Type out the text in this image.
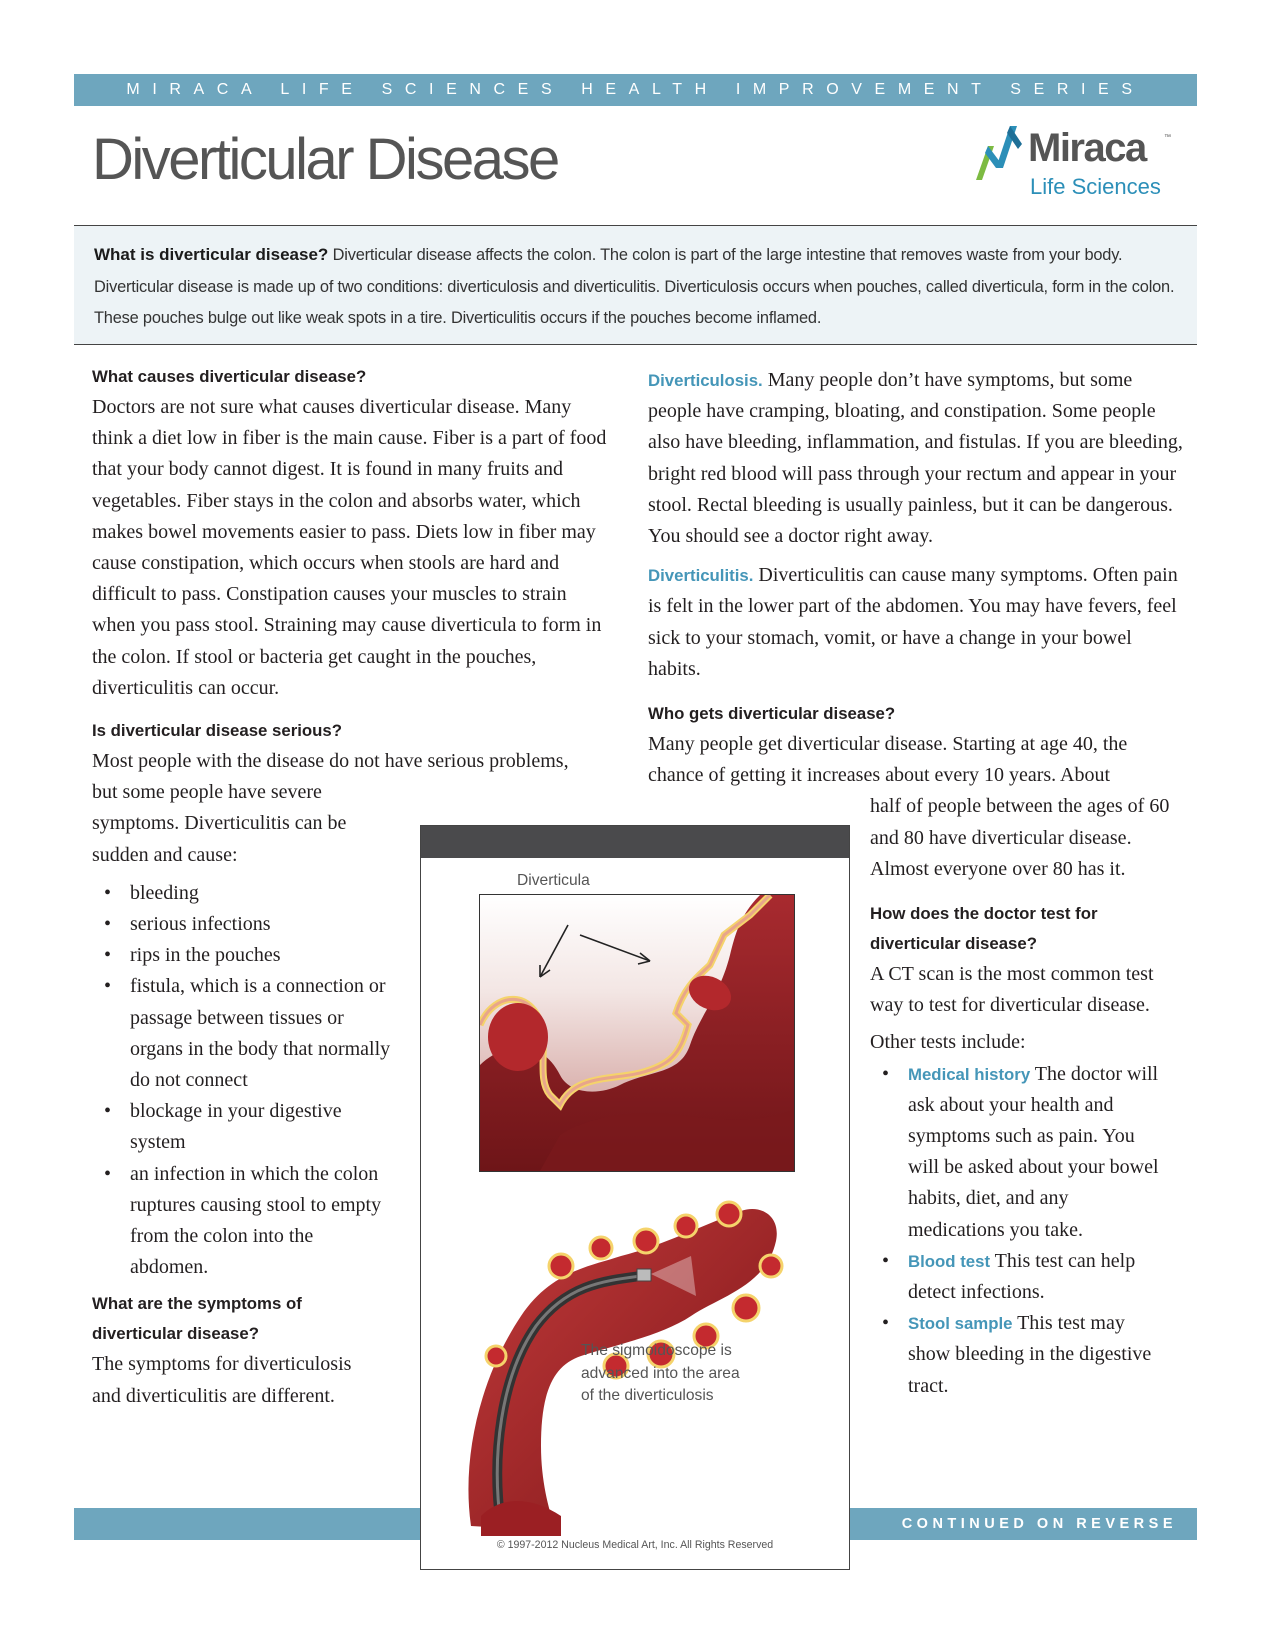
MIRACA LIFE SCIENCES HEALTH IMPROVEMENT SERIES
Diverticular Disease	Miraca	™
Life Sciences
What is diverticular disease? Diverticular disease affects the colon. The colon is part of the large intestine that removes waste from your body. Diverticular disease is made up of two conditions: diverticulosis and diverticulitis. Diverticulosis occurs when pouches, called diverticula, form in the colon. These pouches bulge out like weak spots in a tire. Diverticulitis occurs if the pouches become inflamed.
What causes diverticular disease?
Doctors are not sure what causes diverticular disease. Many think a diet low in fiber is the main cause. Fiber is a part of food that your body cannot digest. It is found in many fruits and vegetables. Fiber stays in the colon and absorbs water, which makes bowel movements easier to pass. Diets low in fiber may cause constipation, which occurs when stools are hard and difficult to pass. Constipation causes your muscles to strain when you pass stool. Straining may cause diverticula to form in the colon. If stool or bacteria get caught in the pouches, diverticulitis can occur.
Is diverticular disease serious?
Most people with the disease do not have serious problems,
but some people have severe symptoms. Diverticulitis can be sudden and cause:
• bleeding
• serious infections
• rips in the pouches
• fistula, which is a connection or passage between tissues or organs in the body that normally do not connect
• blockage in your digestive system
• an infection in which the colon ruptures causing stool to empty from the colon into the abdomen.
What are the symptoms of
diverticular disease?
The symptoms for diverticulosis and diverticulitis are different.
Diverticulosis. Many people don’t have symptoms, but some people have cramping, bloating, and constipation. Some people also have bleeding, inflammation, and fistulas. If you are bleeding, bright red blood will pass through your rectum and appear in your stool. Rectal bleeding is usually painless, but it can be dangerous. You should see a doctor right away.
Diverticulitis. Diverticulitis can cause many symptoms. Often pain is felt in the lower part of the abdomen. You may have fevers, feel sick to your stomach, vomit, or have a change in your bowel habits.
Who gets diverticular disease?
Many people get diverticular disease. Starting at age 40, the chance of getting it increases about every 10 years. About
half of people between the ages of 60 and 80 have diverticular disease. Almost everyone over 80 has it.
How does the doctor test for
diverticular disease?
A CT scan is the most common test way to test for diverticular disease.
Other tests include:
• Medical history The doctor will ask about your health and symptoms such as pain. You will be asked about your bowel habits, diet, and any medications you take.
• Blood test This test can help detect infections.
• Stool sample This test may show bleeding in the digestive tract.
CONTINUED ON REVERSE
Diverticula
The sigmoidoscope is
advanced into the area
of the diverticulosis
© 1997-2012 Nucleus Medical Art, Inc. All Rights Reserved
